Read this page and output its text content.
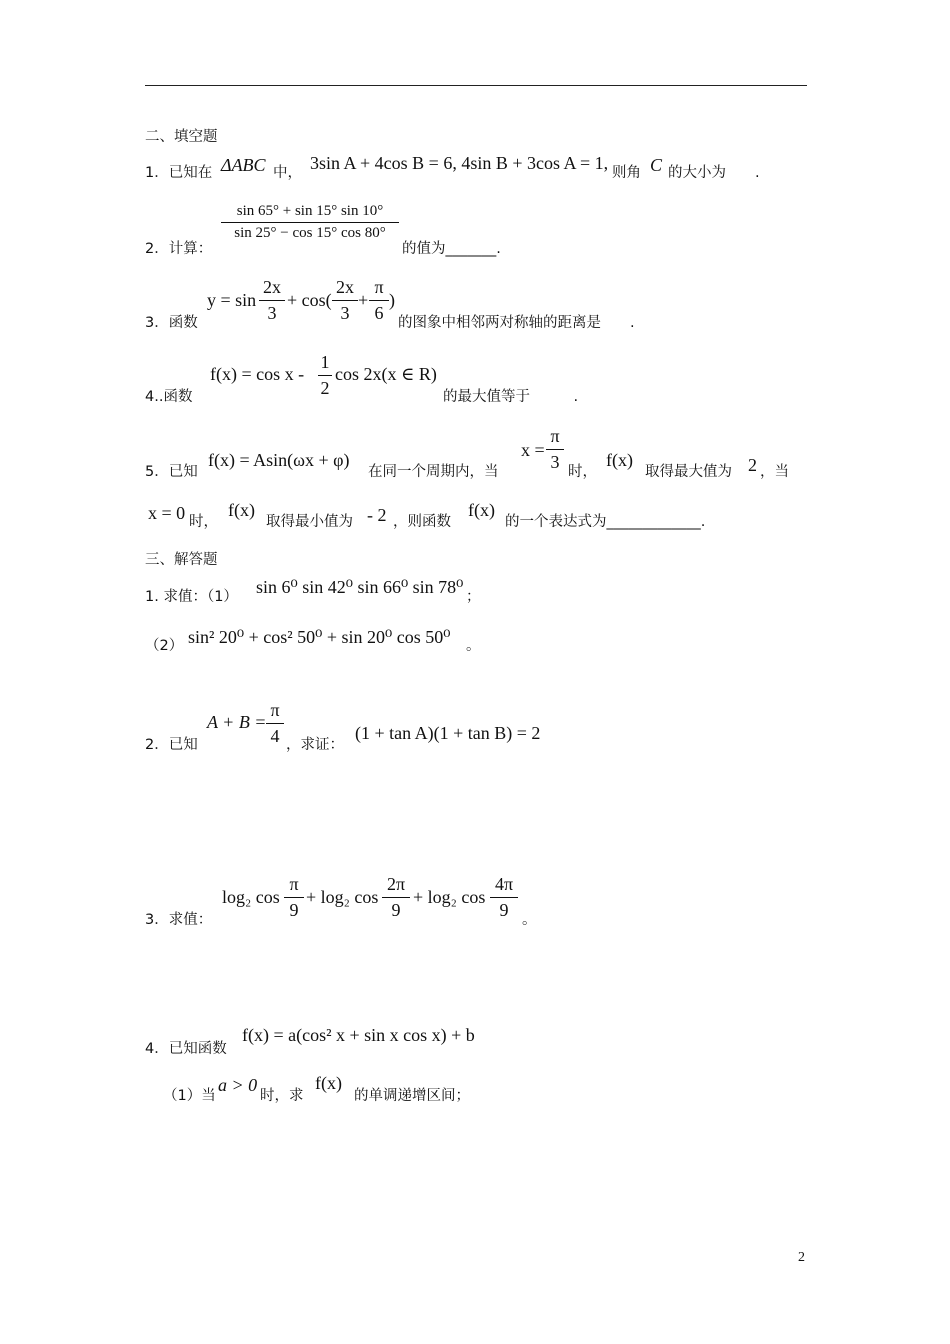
二、填空题
1．已知在 ΔABC 中， 3sin A + 4cos B = 6, 4sin B + 3cos A = 1, 则角 C 的大小为　　.
2．计算：
sin 65° + sin 15° sin 10°
sin 25° − cos 15° cos 80°
的值为_______.
3．函数
y = sin
2x
3
+ cos(
2x
3
+
π
6
)
的图象中相邻两对称轴的距离是　　.
4..函数
f(x) = cos x -
1
2
cos 2x(x ∈ R)
的最大值等于　　　.
5．已知
f(x) = Asin(ωx + φ)
在同一个周期内，当
x =
π
3 时，
f(x)
取得最大值为 2 ，当
x = 0 时，
f(x)
取得最小值为 - 2 ，则函数
f(x)
的一个表达式为_____________.
三、解答题
1. 求值：（1） sin 6⁰ sin 42⁰ sin 66⁰ sin 78⁰ ；
（2） sin² 20⁰ + cos² 50⁰ + sin 20⁰ cos 50⁰ 。
2．已知
A + B =
π
4 ，求证：
(1 + tan A)(1 + tan B) = 2
3．求值：
log₂ cos
π
9
+ log₂ cos
2π
9
+ log₂ cos
4π
9 。
4．已知函数
f(x) = a(cos² x + sin x cos x) + b
（1）当
a > 0
时，求
f(x)
的单调递增区间；
2
